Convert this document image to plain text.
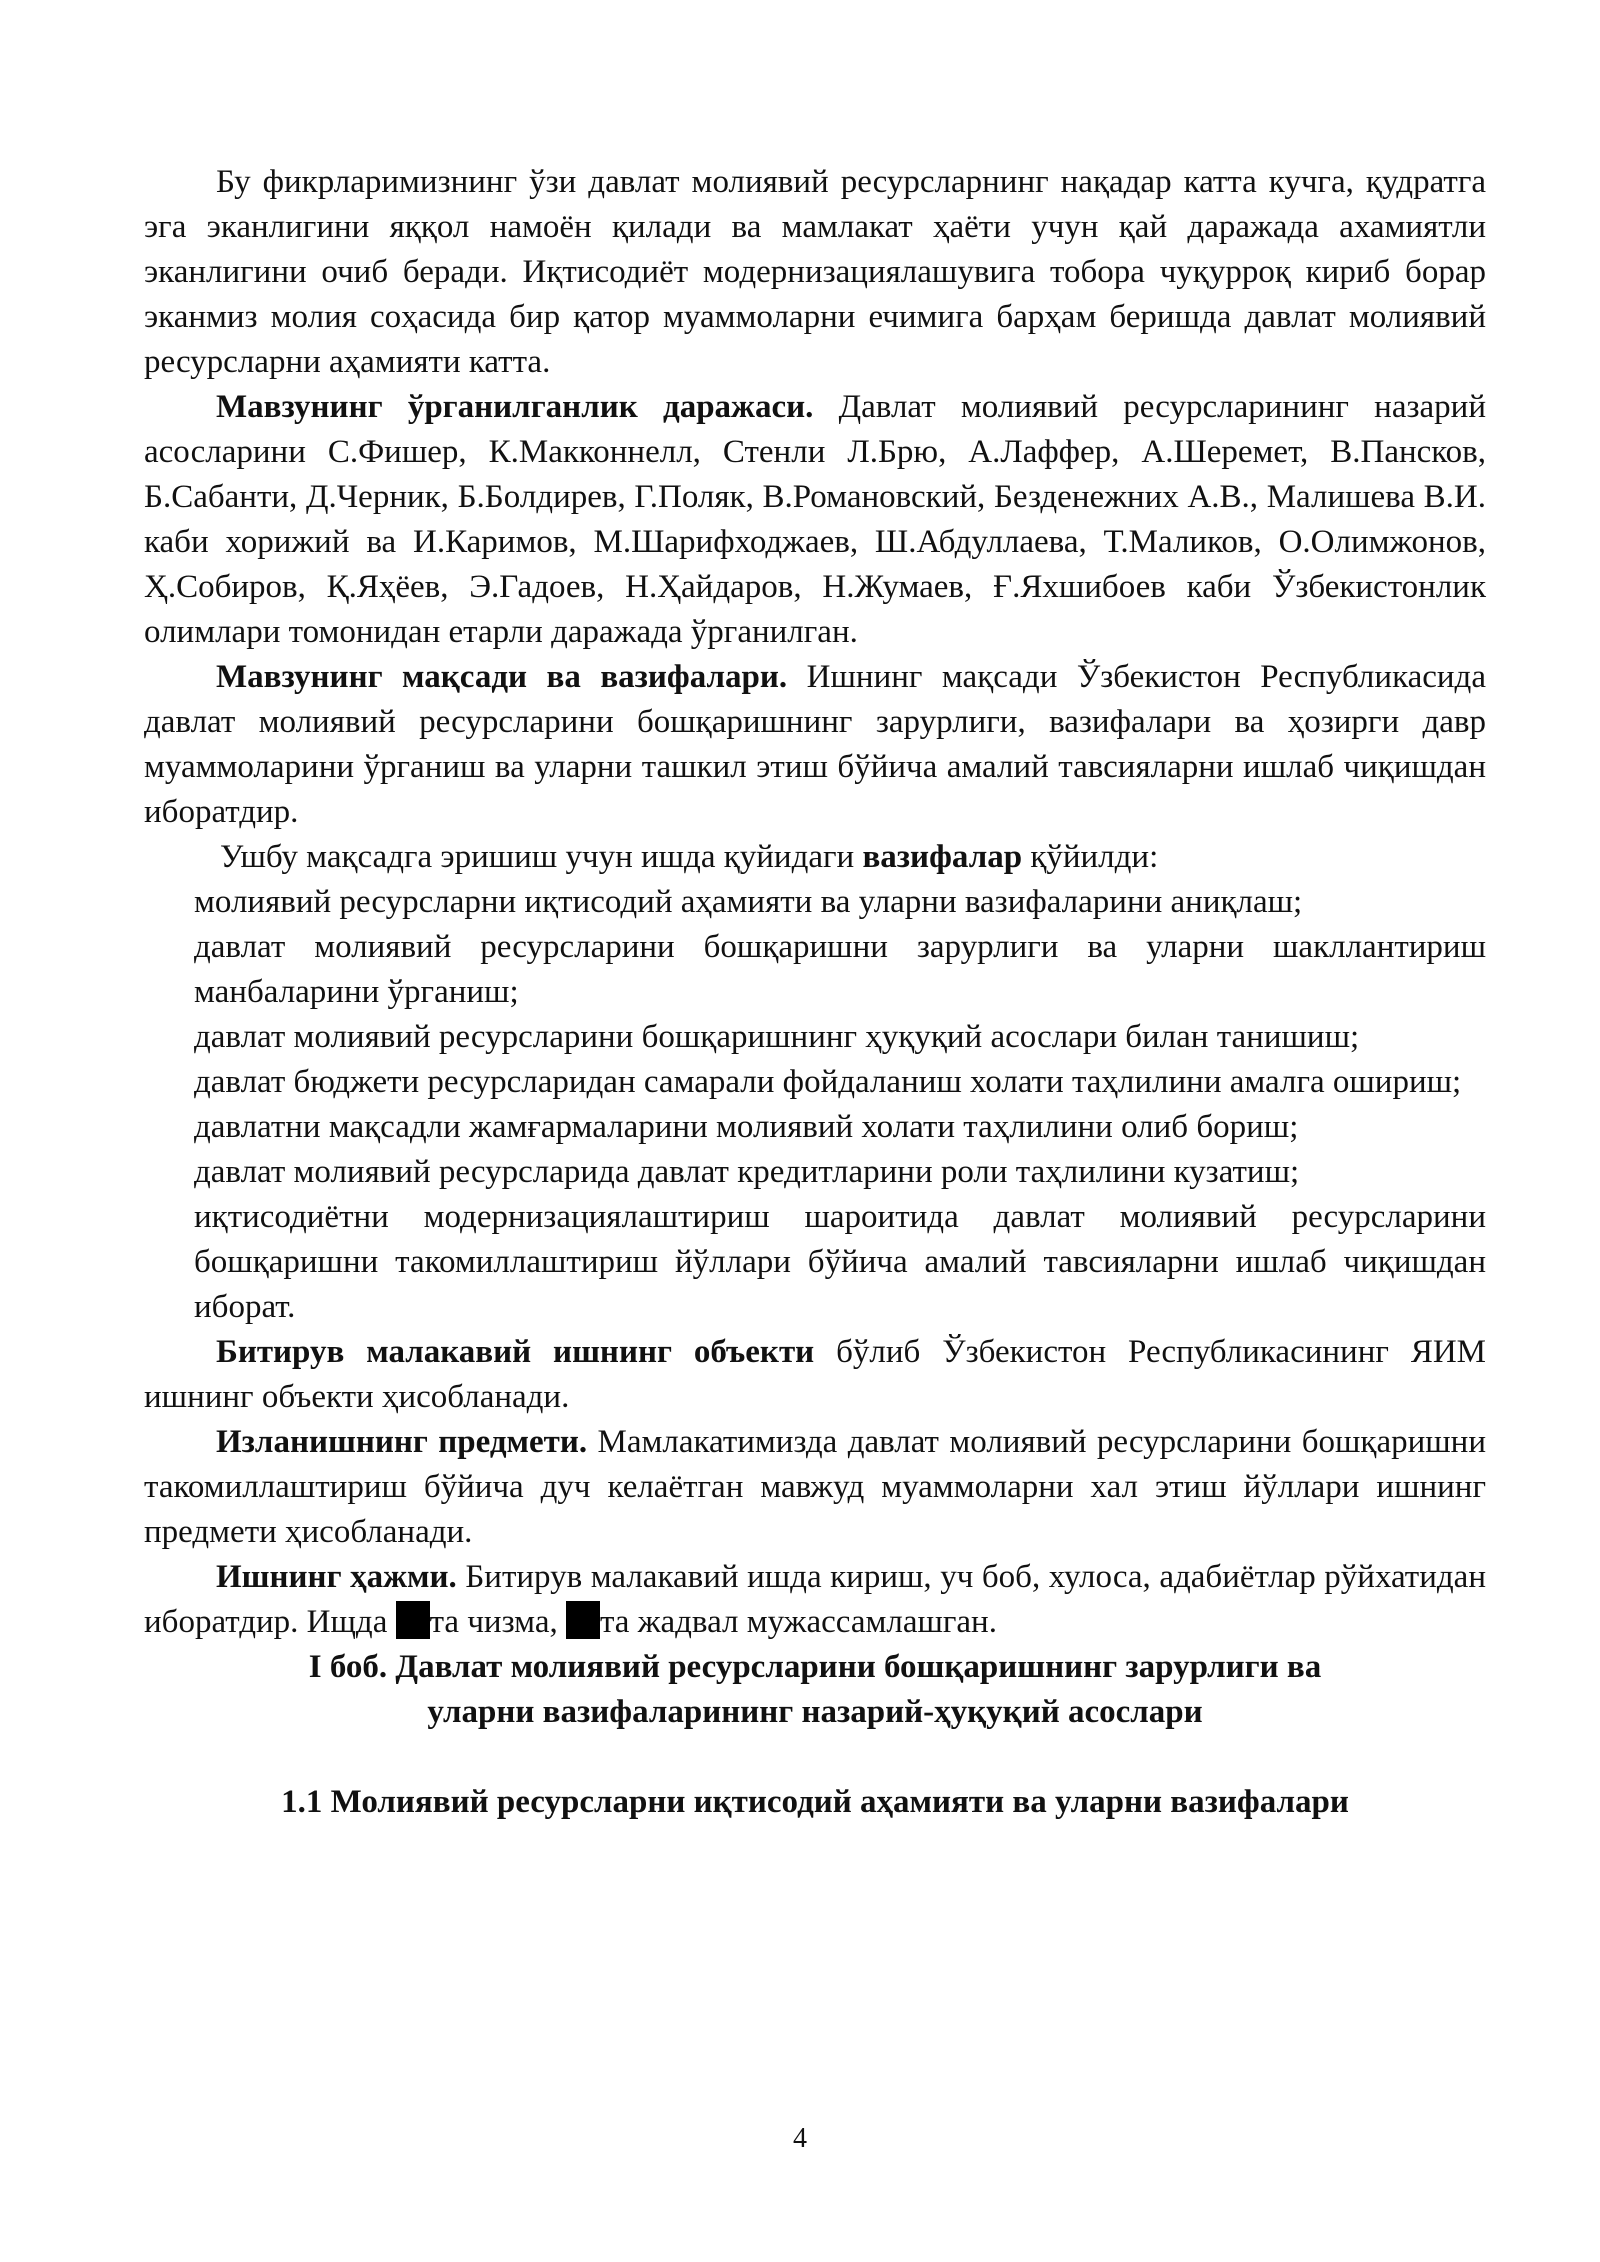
Бу фикрларимизнинг ўзи давлат молиявий ресурсларнинг нақадар катта кучга, қудратга эга эканлигини яққол намоён қилади ва мамлакат ҳаёти учун қай даражада ахамиятли эканлигини очиб беради. Иқтисодиёт модернизациялашувига тобора чуқурроқ кириб борар эканмиз молия соҳасида бир қатор муаммоларни ечимига барҳам беришда давлат молиявий ресурсларни аҳамияти катта.

Мавзунинг ўрганилганлик даражаси. Давлат молиявий ресурсларининг назарий асосларини С.Фишер, К.Макконнелл, Стенли Л.Брю, А.Лаффер, А.Шеремет, В.Пансков, Б.Сабанти, Д.Черник, Б.Болдирев, Г.Поляк, В.Романовский, Безденежних А.В., Малишева В.И. каби хорижий ва И.Каримов, М.Шарифходжаев, Ш.Абдуллаева, Т.Маликов, О.Олимжонов, Ҳ.Собиров, Қ.Яҳёев, Э.Гадоев, Н.Ҳайдаров, Н.Жумаев, Ғ.Яхшибоев каби Ўзбекистонлик олимлари томонидан етарли даражада ўрганилган.

Мавзунинг мақсади ва вазифалари. Ишнинг мақсади Ўзбекистон Республикасида давлат молиявий ресурсларини бошқаришнинг зарурлиги, вазифалари ва ҳозирги давр муаммоларини ўрганиш ва уларни ташкил этиш бўйича амалий тавсияларни ишлаб чиқишдан иборатдир.

Ушбу мақсадга эришиш учун ишда қуйидаги вазифалар қўйилди:

молиявий ресурсларни иқтисодий аҳамияти ва уларни вазифаларини аниқлаш;
давлат молиявий ресурсларини бошқаришни зарурлиги ва уларни шакллантириш манбаларини ўрганиш;
давлат молиявий ресурсларини бошқаришнинг ҳуқуқий асослари билан танишиш;
давлат бюджети ресурсларидан самарали фойдаланиш холати таҳлилини амалга ошириш;
давлатни мақсадли жамғармаларини молиявий холати таҳлилини олиб бориш;
давлат молиявий ресурсларида давлат кредитларини роли таҳлилини кузатиш;
иқтисодиётни модернизациялаштириш шароитида давлат молиявий ресурсларини бошқаришни такомиллаштириш йўллари бўйича амалий тавсияларни ишлаб чиқишдан иборат.

Битирув малакавий ишнинг объекти бўлиб Ўзбекистон Республикасининг ЯИМ ишнинг объекти ҳисобланади.

Изланишнинг предмети. Мамлакатимизда давлат молиявий ресурсларини бошқаришни такомиллаштириш бўйича дуч келаётган мавжуд муаммоларни хал этиш йўллари ишнинг предмети ҳисобланади.

Ишнинг ҳажми. Битирув малакавий ишда кириш, уч боб, хулоса, адабиётлар рўйхатидан иборатдир. Ищда та чизма, та жадвал мужассамлашган.

I боб. Давлат молиявий ресурсларини бошқаришнинг зарурлиги ва
уларни вазифаларининг назарий-ҳуқуқий асослари

1.1 Молиявий ресурсларни иқтисодий аҳамияти ва уларни вазифалари

4
